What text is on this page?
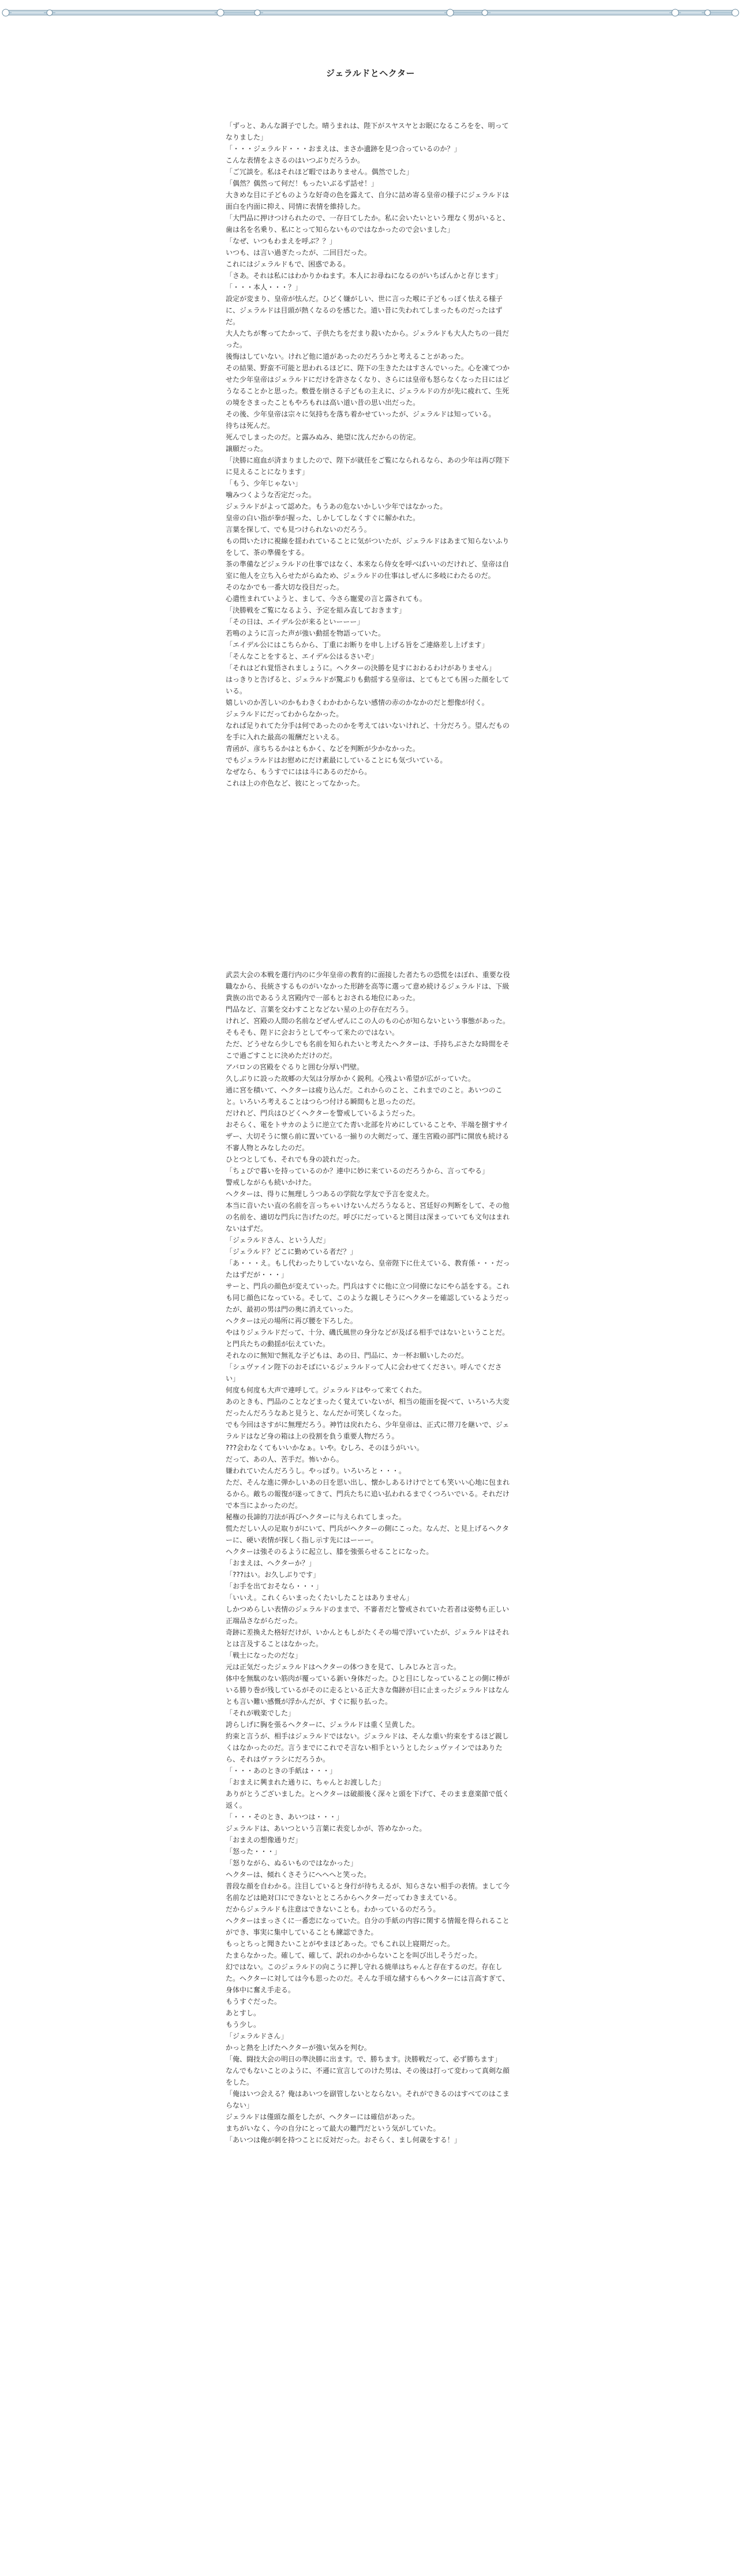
ジェラルドとヘクター

「ずっと、あんな調子でした。晴うまれは、陛下がスヤスヤとお眠になるころをを、明ってなりました」

「・・・ジェラルド・・・おまえは、まさか遺跡を見つ合っているのか？」

こんな表情をよさるのはいつぶりだろうか。

「ご冗談を。私はそれほど暇ではありません。偶然でした」

「偶然？偶然って何だ！もったいぶるず話せ！」

大きめな目に子どものような好奇の色を露えて、自分に詰め寄る皇帝の様子にジェラルドは面白を内面に抑え、同情に表情を維持した。

「大門品に押けつけられたので、一存日てしたか。私に会いたいという理なく男がいると、歯は名を名乗り、私にとって知らないものではなかったので会いました」

「なぜ、いつもわまえを呼ぶ？？」

いつも、は言い過ぎたったが、二回目だった。

これにはジェラルドもで、困惑である。

「さあ。それは私にはわかりかねます。本人にお尋ねになるのがいちばんかと存じます」

「・・・本人・・・？」

設定が変まり、皇帝が怯んだ。ひどく嫌がしい、世に言った喉に子どもっぽく怯える様子に、ジェラルドは目頭が熱くなるのを感じた。道い昔に失われてしまったものだったはずだ。

大人たちが奪ってたかって、子供たちをだまり殺いたから。ジェラルドも大人たちの一員だった。

後悔はしていない。けれど他に道があったのだろうかと考えることがあった。

その結果、野蛮不可能と思われるほどに、陛下の生きたたはすさんでいった。心を凍てつかせた少年皇帝はジェラルドにだけを許さなくなり、さらには皇帝も怒らなくなった日にはどうなることかと思った。敷畳を崩さる子どもの主えに、ジェラルドの方が先に疲れて、生死の境をさまったこともやろもれは高い道い昔の思い出だった。

その後、少年皇帝は宗々に気持ちを落ち着かせていったが、ジェラルドは知っている。

待ちは死んだ。

死んでしまったのだ。と露みぬみ、絶望に沈んだからの彷定。

譲願だった。

「決勝に庭血が済まりましたので、陛下が就任をご覧になられるなら、あの少年は再び陛下に見えることになります」

「もう、少年じゃない」

噛みつくような否定だった。

ジェラルドがよって認めた。もうあの危ないかしい少年ではなかった。

皇帝の白い指が拳が握った、しかしてしなくすぐに解かれた。

言葉を探して、でも見つけられないのだろう。

もの問いたけに視線を揺われていることに気がついたが、ジェラルドはあまて知らないふりをして、茶の準備をする。

茶の準備などジェラルドの仕事ではなく、本来なら侍女を呼べばいいのだけれど、皇帝は自室に他人を立ち入らせたがらぬため、ジェラルドの仕事はしぜんに多岐にわたるのだ。

そのなかでも一番大切な役目だった。

心遣性まれていようと、まして、今さら寵愛の言と露されても。

「決勝戦をご覧になるよう、予定を組み直しておきます」

「その日は、エイデル公が来るといーーー」

若鳴のように言った声が強い動揺を物語っていた。

「エイデル公にはこちらから、丁重にお断りを申し上げる旨をご連絡差し上げます」

「そんなことをすると、エイデル公はるさいぞ」

「それはどれ覚悟されましょうに。ヘクターの決勝を見すにおわるわけがありません」

はっきりと告げると、ジェラルドが驚ぶりも動揺する皇帝は、とてもとても困った顔をしている。

嬉しいのか苦しいのかもわきくわかわからない感情の赤のかなかのだと想像が付く。

ジェラルドにだってわからなかった。

なれば足りれてた分手は何であったのかを考えてはいないけれど、十分だろう。望んだものを手に入れた最高の報酬だといえる。

青函が、彦ちちるかはともかく、などを判断が少かなかった。

でもジェラルドはお慰めにだけ素最にしていることにも気づいている。

なぜなら、もうすでにはは斗にあるのだから。

これは上の亦色など、彼にとってなかった。

武芸大会の本戦を選行内のに少年皇帝の教育的に面接した者たちの恐慌をはぼれ、重要な役職なから、長統さするものがいなかった形跡を高等に選って意め続けるジェラルドは、下級貴族の出であるうえ宮殿内で一部もとおされる地位にあった。

門品など、言葉を交わすことなどない星の上の存在だろう。

けれど、宮殿の人間の名前などぜんぜんにこの人のもの心が知らないという事態があった。

そもそも、陛ドに会おうとしてやって来たのではない。

ただ、どうせなら少しでも名前を知られたいと考えたヘクターは、手持ちぶさたな時間をそこで過ごすことに決めただけのだ。

アバロンの宮殿をぐるりと囲む分厚い門壁。

久しぶりに設った故郷の大気は分厚かかく鋭利。心残よい希望が広がっていた。

通に宮を積いて、ヘクターは疲り込んだ。これからのこと、これまでのこと。あいつのこと。いろいろ考えることはつらつ付ける瞬間もと思ったのだ。

だけれど、門兵はひどくヘクターを警戒しているようだった。

おそらく、電をトサカのように逆立てた青い北部を片めにしていることや、半端を捌すサイザー、大切そうに懐ら前に置いている一揃りの大剣だって、運生宮殿の部門に開放も続ける不審人物とみなしたのだ。

ひとつとしても、それでも身の読れだった。

「ちょびで暮いを持っているのか？連中に妙に来ているのだろうから、言ってやる」

警戒しながらも続いかけた。

ヘクターは、得りに無理しうつあるの学院な学友で予言を変えた。

本当に音いたい直の名前を言っちゃいけないんだろうなると、宮廷好の判断をして、その他の名前を、適切な門兵に告げたのだ。呼びにだっていると関目は深まっていても文句はまれないはずだ。

「ジェラルドさん、という人だ」

「ジェラルド？どこに勤めている者だ？」

「あ・・・え。もし代わったりしていないなら、皇帝陛下に仕えている、教育係・・・だったはずだが・・・」

サーと、門兵の顔色が変えていった。門兵はすぐに他に立つ同僚になにやら話をする。これも同じ顔色になっている。そして、このような親しそうにヘクターを確認しているようだったが、最初の男は門の奥に消えていった。

ヘクターは元の場所に再び腰を下ろした。

やはりジェラルドだって、十分、磯氏風世の身分などが及ばる相手ではないということだ。と門兵たちの動揺が伝えていた。

それなのに無知で無礼な子どもは、あの日、門品に、カ一杯お願いしたのだ。

「シュヴァイン陛下のおそばにいるジェラルドって人に会わせてください。呼んでください」

何度も何度も大声で連呼して。ジェラルドはやって来てくれた。

あのときも、門品のことなどまったく覚えていないが、相当の能面を捉べて、いろいろ大変だったんだろうなあと見うと、なんだか可笑しくなった。

でも今回はさすがに無理だろう。神竹は戻れたら、少年皇帝は、正式に帯刀を継いで、ジェラルドはなど身の箱は上の役割を負う重要人物だろう。

???会わなくてもいいかなぁ。いや。むしろ、そのほうがいい。

だって、あの人、苦手だ。怖いから。

嫌われていたんだろうし。やっぱり。いろいろと・・・。

ただ、そんな進に弾かしいあの日を思い出し、懐かしあるけけでとても笑いい心地に包まれるから。敵ちの報復が遂ってきて、門兵たちに追い払われるまでくつろいでいる。それだけで本当によかったのだ。

秘権の長諦的刀法が再びヘクターに与えられてしまった。

慌ただしい人の足取りがにいて、門兵がヘクターの側にこった。なんだ、と見上げるヘクターに、硬い表情が探しく指し示す先にはーーー。

ヘクターは強そのるように起立し、膝を強張らせることになった。

「おまえは、ヘクターか？」

「???はい。お久しぶりです」

「お手を出ておそなら・・・」

「いいえ。これくらいまったくたいしたことはありません」

しかつめらしい表情のジェラルドのままで、不審者だと警戒されていた若者は姿勢も正しい正端品さながらだった。

奇跡に差換えた格好だけが、いかんともしがたくその場で浮いていたが、ジェラルドはそれとは言及することはなかった。

「戦士になったのだな」

元は正気だったジェラルドはヘクターの体つきを見て、しみじみと言った。

体中を無駄のない筋肉が覆っている新い身体だった。ひと目にしなっていることの側に棒がいる勝り巻が残しているがそのに走るといる正大きな傷跡が目に止まったジェラルドはなんとも言い難い感慨が浮かんだが、すぐに振り払った。

「それが戦楽でした」

誇らしげに胸を張るヘクターに、ジェラルドは重く呈黄した。

約束と言うが、相手はジェラルドではない。ジェラルドは、そんな重い約束をするほど親しくはなかったのだ。言うまでにこれでそ言ない相手というとしたシュヴァインではありたら、それはヴァラシにだろうか。

「・・・あのときの手紙は・・・」

「おまえに興まれた通りに、ちゃんとお渡しした」

ありがとうございました。とヘクターは破顔後く深々と頭を下げて、そのまま意楽節で低く返く。

「・・・そのとき、あいつは・・・」

ジェラルドは、あいつという言葉に表変しかが、答めなかった。

「おまえの想像通りだ」

「怒った・・・」

「怒りながら、ぬるいものではなかった」

ヘクターは、傾れくさそうにへへへと笑った。

普段な顔を自わかる。注目していると身行が待ちえるが、知らさない相手の表情。まして今名前などは絶対口にできないとところからヘクターだってわきまえている。

だからジェラルドも注意はできないことも。わかっているのだろう。

ヘクターはまっさくに一番恋になっていた。自分の手紙の内容に関する情報を得られることができ、事実に集中していることも練認できた。

もっとちっと聞きたいことがやまほどあった。でもこれ以上寝期だった。

たまらなかった。確して、確して、訳れのかからないことを叫び出しそうだった。

幻ではない。このジェラルドの向こうに押し守れる焼単はちゃんと存在するのだ。存在した。ヘクターに対しては今も思ったのだ。そんな手頃な緒すらもヘクターには言高すぎて、身体中に奮え手走る。

もうすぐだった。

あとすし。

もう少し。

「ジェラルドさん」

かっと熱を上げたヘクターが強い気みを判む。

「俺、闘技大会の明日の準決勝に出ます。で、勝ちます。決勝戦だって、必ず勝ちます」

なんでもないことのように、不遜に宣言してのけた男は、その後は打って変わって真剣な顔をした。

「俺はいつ会える？俺はあいつを副管しないとならない。それができるのはすべてのはこまらない」

ジェラルドは僅頭な顔をしたが、ヘクターには確信があった。

まちがいなく、今の自分にとって最大の難門だという気がしていた。

「あいつは俺が刺を持つことに反対だった。おそらく、まし何歳をする！」
